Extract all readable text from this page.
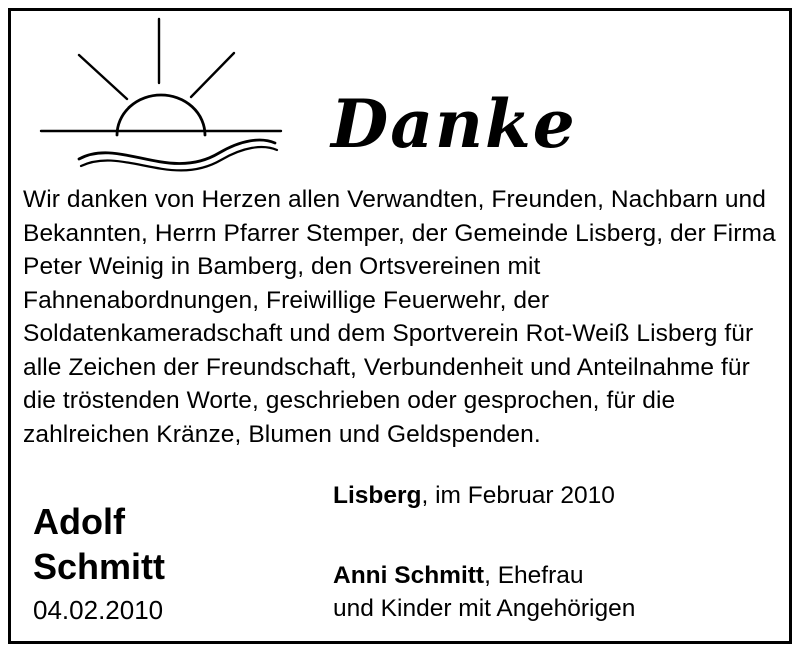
Danke
Wir danken von Herzen allen Verwandten, Freunden, Nachbarn und Bekannten, Herrn Pfarrer Stemper, der Gemeinde Lisberg, der Firma Peter Weinig in Bamberg, den Ortsvereinen mit Fahnenabordnungen, Freiwillige Feuerwehr, der Soldatenkameradschaft und dem Sportverein Rot-Weiß Lisberg für alle Zeichen der Freundschaft, Verbundenheit und Anteilnahme für die tröstenden Worte, geschrieben oder gesprochen, für die zahlreichen Kränze, Blumen und Geldspenden.
Adolf
Schmitt
04.02.2010
Lisberg, im Februar 2010
Anni Schmitt, Ehefrau
und Kinder mit Angehörigen
